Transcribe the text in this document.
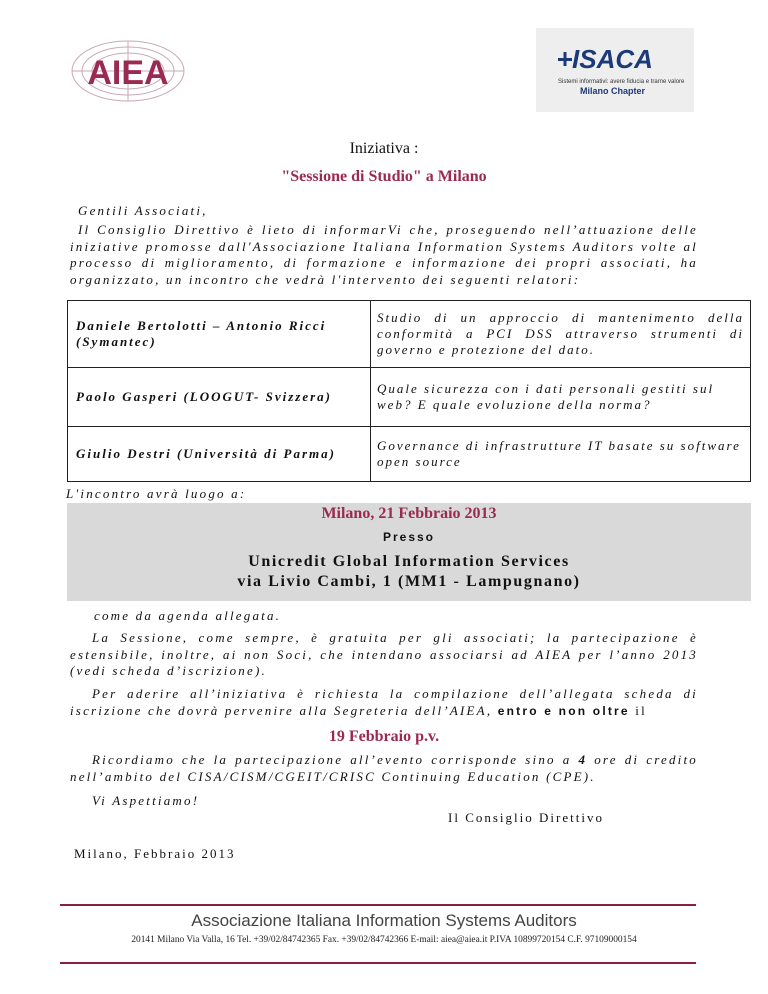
AIEA	ISACA
Sistemi informativi: avere fiducia e trarne valore
Milano Chapter
Iniziativa :
"Sessione di Studio" a Milano
Gentili Associati,
Il Consiglio Direttivo è lieto di informarVi che, proseguendo nell’attuazione delle iniziative promosse dall'Associazione Italiana Information Systems Auditors volte al processo di miglioramento, di formazione e informazione dei propri associati, ha organizzato, un incontro che vedrà l'intervento dei seguenti relatori:
Daniele Bertolotti – Antonio Ricci
(Symantec)	Studio di un approccio di mantenimento della conformità a PCI DSS attraverso strumenti di governo e protezione del dato.
Paolo Gasperi (LOOGUT- Svizzera)	Quale sicurezza con i dati personali gestiti sul web? E quale evoluzione della norma?
Giulio Destri (Università di Parma)	Governance di infrastrutture IT basate su software open source
L'incontro avrà luogo a:
Milano, 21 Febbraio 2013
Presso
Unicredit Global Information Services
via Livio Cambi, 1 (MM1 - Lampugnano)
come da agenda allegata.
La Sessione, come sempre, è gratuita per gli associati; la partecipazione è estensibile, inoltre, ai non Soci, che intendano associarsi ad AIEA per l’anno 2013 (vedi scheda d’iscrizione).
Per aderire all’iniziativa è richiesta la compilazione dell’allegata scheda di iscrizione che dovrà pervenire alla Segreteria dell’AIEA, entro e non oltre il
19 Febbraio p.v.
Ricordiamo che la partecipazione all’evento corrisponde sino a 4 ore di credito nell’ambito del CISA/CISM/CGEIT/CRISC Continuing Education (CPE).
Vi Aspettiamo!
Il Consiglio Direttivo
Milano, Febbraio 2013
Associazione Italiana Information Systems Auditors
20141 Milano Via Valla, 16 Tel. +39/02/84742365 Fax. +39/02/84742366 E-mail: aiea@aiea.it P.IVA 10899720154 C.F. 97109000154
